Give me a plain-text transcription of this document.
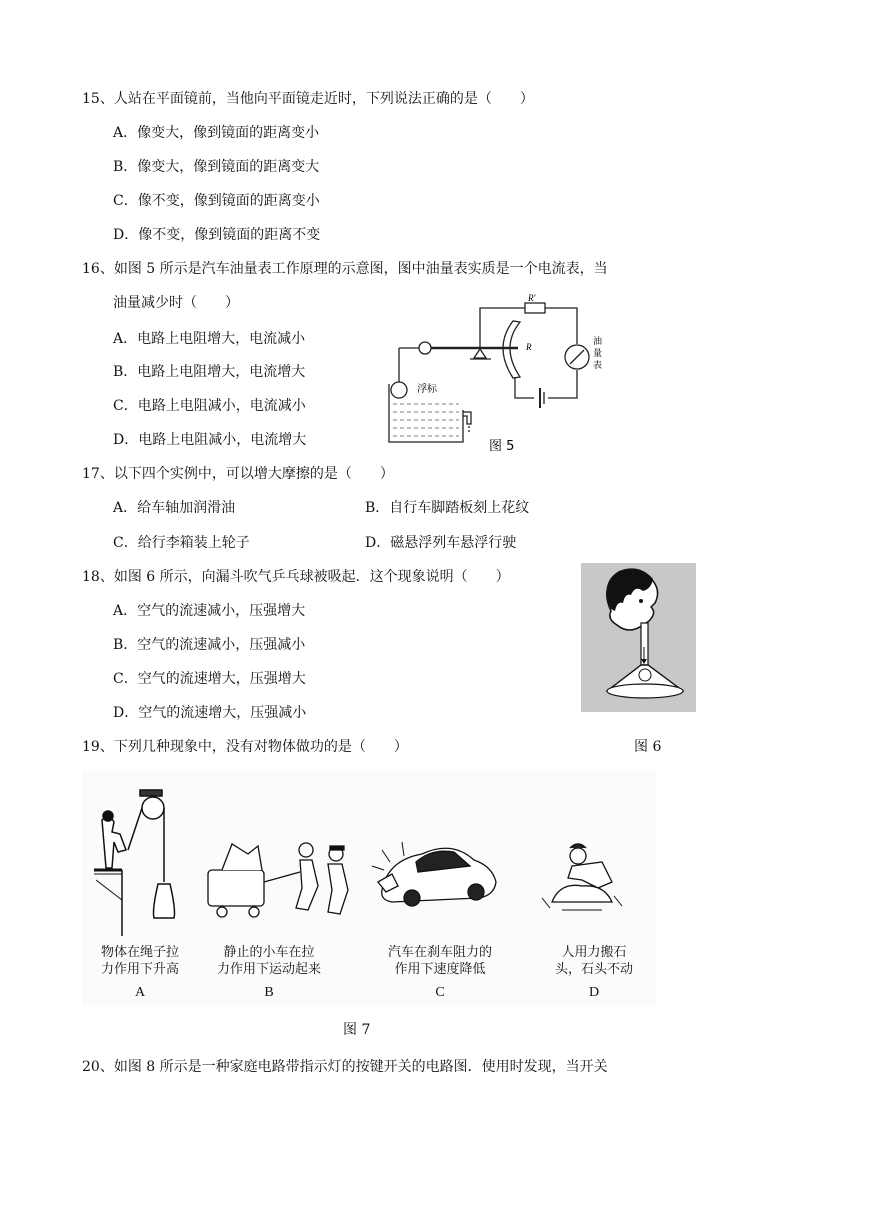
15、人站在平面镜前，当他向平面镜走近时，下列说法正确的是（　　）
A．像变大，像到镜面的距离变小
B．像变大，像到镜面的距离变大
C．像不变，像到镜面的距离变小
D．像不变，像到镜面的距离不变
16、如图 5 所示是汽车油量表工作原理的示意图，图中油量表实质是一个电流表，当
油量减少时（　　）
A．电路上电阻增大，电流减小
B．电路上电阻增大，电流增大
C．电路上电阻减小，电流减小
D．电路上电阻减小，电流增大
R'
R
浮标
油
量
表
图 5
17、以下四个实例中，可以增大摩擦的是（　　）
A．给车轴加润滑油	B．自行车脚踏板刻上花纹
C．给行李箱装上轮子	D．磁悬浮列车悬浮行驶
18、如图 6 所示，向漏斗吹气乒乓球被吸起．这个现象说明（　　）
A．空气的流速减小，压强增大
B．空气的流速减小，压强减小
C．空气的流速增大，压强增大
D．空气的流速增大，压强减小
图 6
19、下列几种现象中，没有对物体做功的是（　　）
物体在绳子拉
力作用下升高
A
静止的小车在拉
力作用下运动起来
B
汽车在刹车阻力的
作用下速度降低
C
人用力搬石
头，石头不动
D
图 7
20、如图 8 所示是一种家庭电路带指示灯的按键开关的电路图．使用时发现，当开关
